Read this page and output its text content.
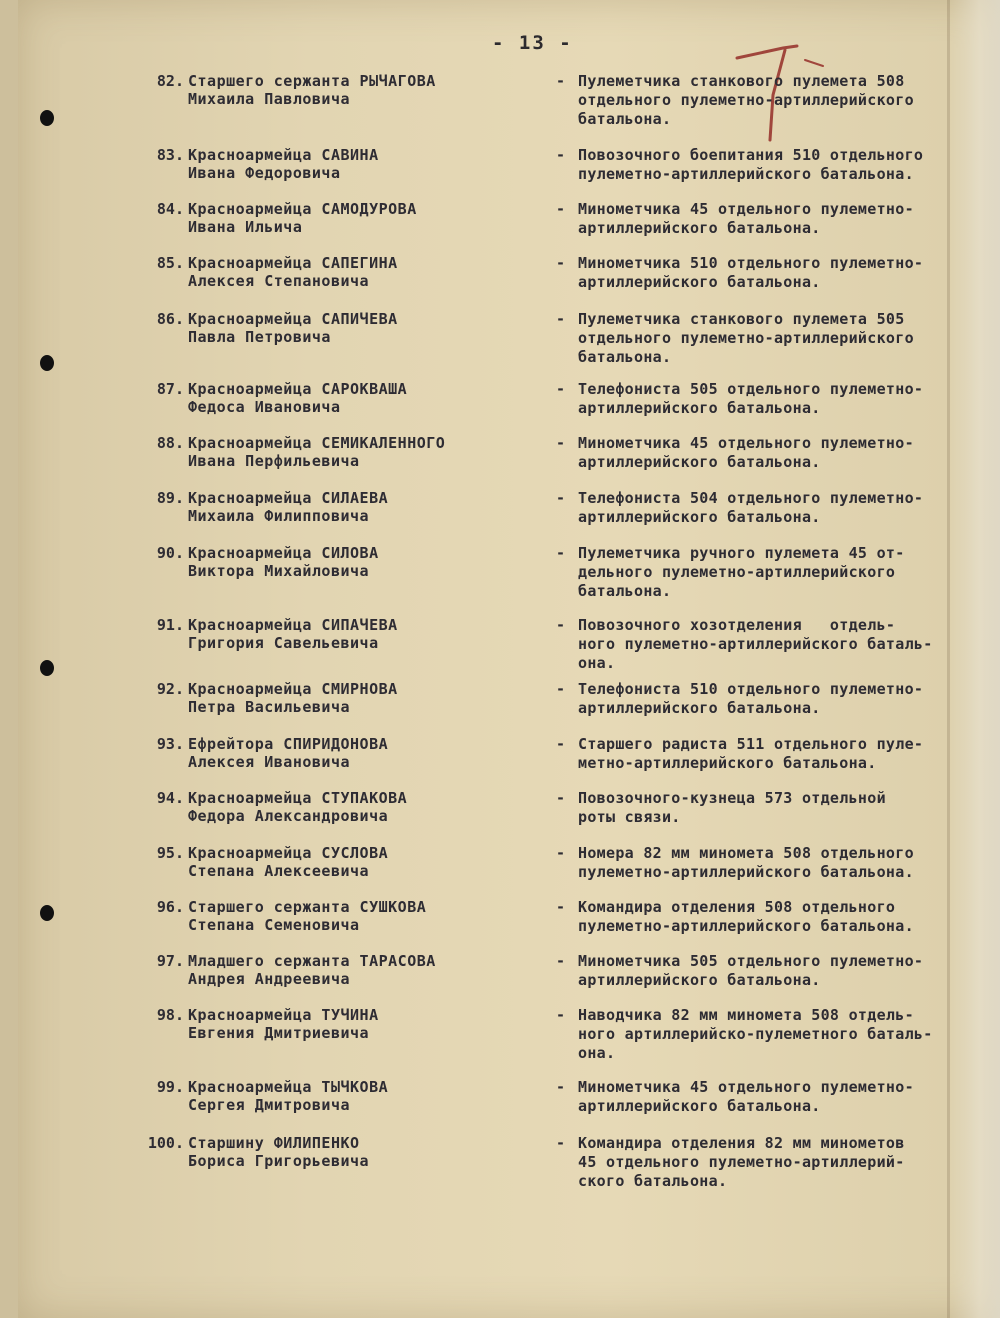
- 13 -
82. Старшего сержанта РЫЧАГОВА
Михаила Павловича
- Пулеметчика станкового пулемета 508
отдельного пулеметно-артиллерийского
батальона.
83. Красноармейца САВИНА
Ивана Федоровича
- Повозочного боепитания 510 отдельного
пулеметно-артиллерийского батальона.
84. Красноармейца САМОДУРОВА
Ивана Ильича
- Минометчика 45 отдельного пулеметно-
артиллерийского батальона.
85. Красноармейца САПЕГИНА
Алексея Степановича
- Минометчика 510 отдельного пулеметно-
артиллерийского батальона.
86. Красноармейца САПИЧЕВА
Павла Петровича
- Пулеметчика станкового пулемета 505
отдельного пулеметно-артиллерийского
батальона.
87. Красноармейца САРОКВАША
Федоса Ивановича
- Телефониста 505 отдельного пулеметно-
артиллерийского батальона.
88. Красноармейца СЕМИКАЛЕННОГО
Ивана Перфильевича
- Минометчика 45 отдельного пулеметно-
артиллерийского батальона.
89. Красноармейца СИЛАЕВА
Михаила Филипповича
- Телефониста 504 отдельного пулеметно-
артиллерийского батальона.
90. Красноармейца СИЛОВА
Виктора Михайловича
- Пулеметчика ручного пулемета 45 от-
дельного пулеметно-артиллерийского
батальона.
91. Красноармейца СИПАЧЕВА
Григория Савельевича
- Повозочного хозотделения   отдель-
ного пулеметно-артиллерийского баталь-
она.
92. Красноармейца СМИРНОВА
Петра Васильевича
- Телефониста 510 отдельного пулеметно-
артиллерийского батальона.
93. Ефрейтора СПИРИДОНОВА
Алексея Ивановича
- Старшего радиста 511 отдельного пуле-
метно-артиллерийского батальона.
94. Красноармейца СТУПАКОВА
Федора Александровича
- Повозочного-кузнеца 573 отдельной
роты связи.
95. Красноармейца СУСЛОВА
Степана Алексеевича
- Номера 82 мм миномета 508 отдельного
пулеметно-артиллерийского батальона.
96. Старшего сержанта СУШКОВА
Степана Семеновича
- Командира отделения 508 отдельного
пулеметно-артиллерийского батальона.
97. Младшего сержанта ТАРАСОВА
Андрея Андреевича
- Минометчика 505 отдельного пулеметно-
артиллерийского батальона.
98. Красноармейца ТУЧИНА
Евгения Дмитриевича
- Наводчика 82 мм миномета 508 отдель-
ного артиллерийско-пулеметного баталь-
она.
99. Красноармейца ТЫЧКОВА
Сергея Дмитровича
- Минометчика 45 отдельного пулеметно-
артиллерийского батальона.
100. Старшину ФИЛИПЕНКО
Бориса Григорьевича
- Командира отделения 82 мм минометов
45 отдельного пулеметно-артиллерий-
ского батальона.
